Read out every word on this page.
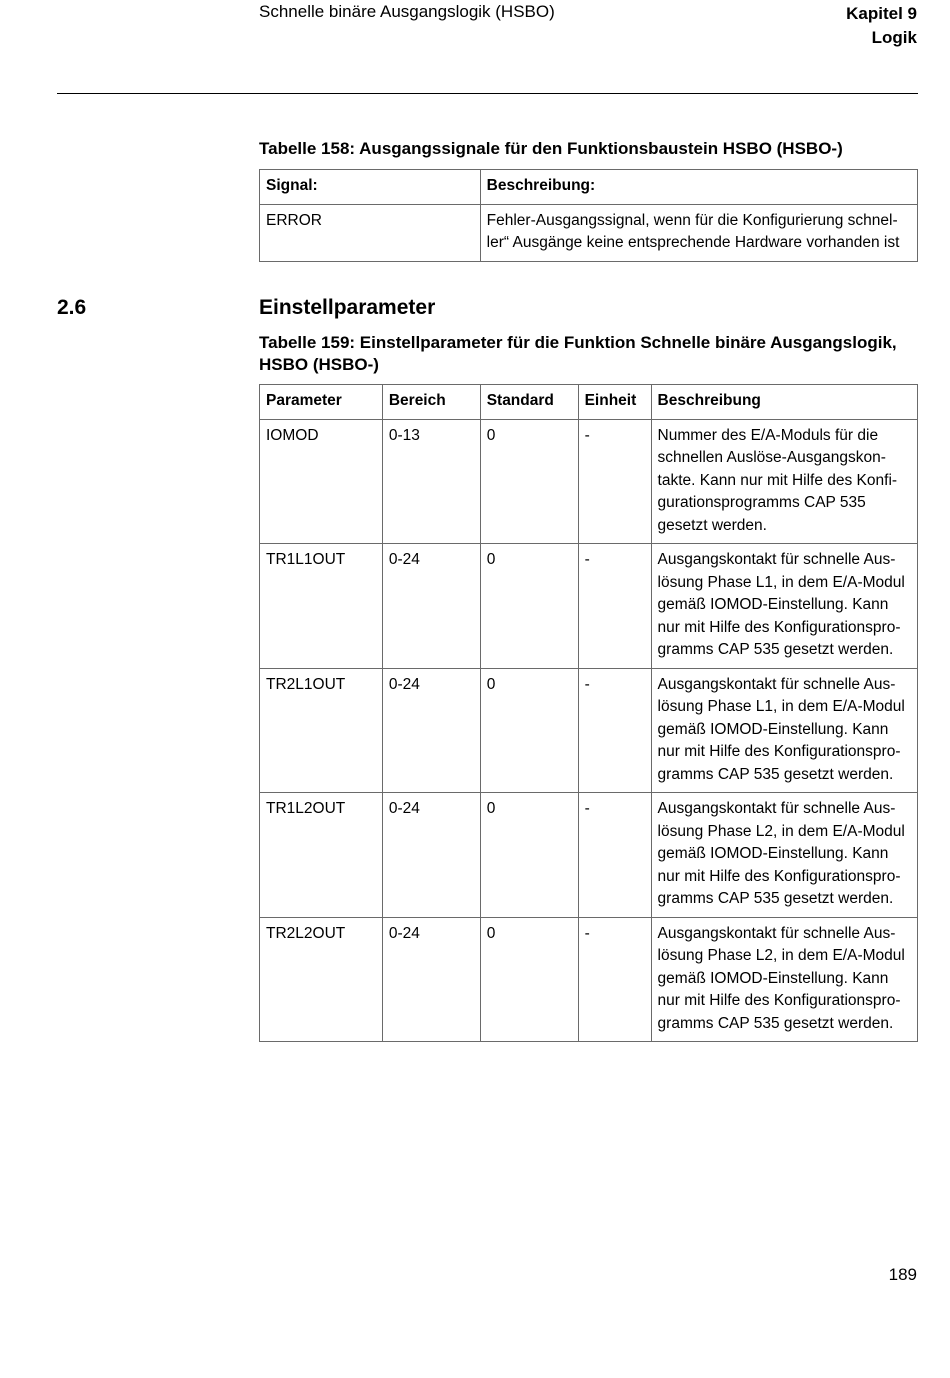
Schnelle binäre Ausgangslogik (HSBO)	Kapitel 9
Logik
Tabelle 158: Ausgangssignale für den Funktionsbaustein HSBO (HSBO-)
Signal:	Beschreibung:
ERROR	Fehler-Ausgangssignal, wenn für die Konfigurierung schnel-
ler“ Ausgänge keine entsprechende Hardware vorhanden ist
2.6	Einstellparameter
Tabelle 159: Einstellparameter für die Funktion Schnelle binäre Ausgangslogik, HSBO (HSBO-)
Parameter	Bereich	Standard	Einheit	Beschreibung
IOMOD	0-13	0	-	Nummer des E/A-Moduls für die schnellen Auslöse-Ausgangskon-
takte. Kann nur mit Hilfe des Konfi-
gurationsprogramms CAP 535 gesetzt werden.
TR1L1OUT	0-24	0	-	Ausgangskontakt für schnelle Aus-
lösung Phase L1, in dem E/A-Modul gemäß IOMOD-Einstellung. Kann nur mit Hilfe des Konfigurationspro-
gramms CAP 535 gesetzt werden.
TR2L1OUT	0-24	0	-	Ausgangskontakt für schnelle Aus-
lösung Phase L1, in dem E/A-Modul gemäß IOMOD-Einstellung. Kann nur mit Hilfe des Konfigurationspro-
gramms CAP 535 gesetzt werden.
TR1L2OUT	0-24	0	-	Ausgangskontakt für schnelle Aus-
lösung Phase L2, in dem E/A-Modul gemäß IOMOD-Einstellung. Kann nur mit Hilfe des Konfigurationspro-
gramms CAP 535 gesetzt werden.
TR2L2OUT	0-24	0	-	Ausgangskontakt für schnelle Aus-
lösung Phase L2, in dem E/A-Modul gemäß IOMOD-Einstellung. Kann nur mit Hilfe des Konfigurationspro-
gramms CAP 535 gesetzt werden.
189
